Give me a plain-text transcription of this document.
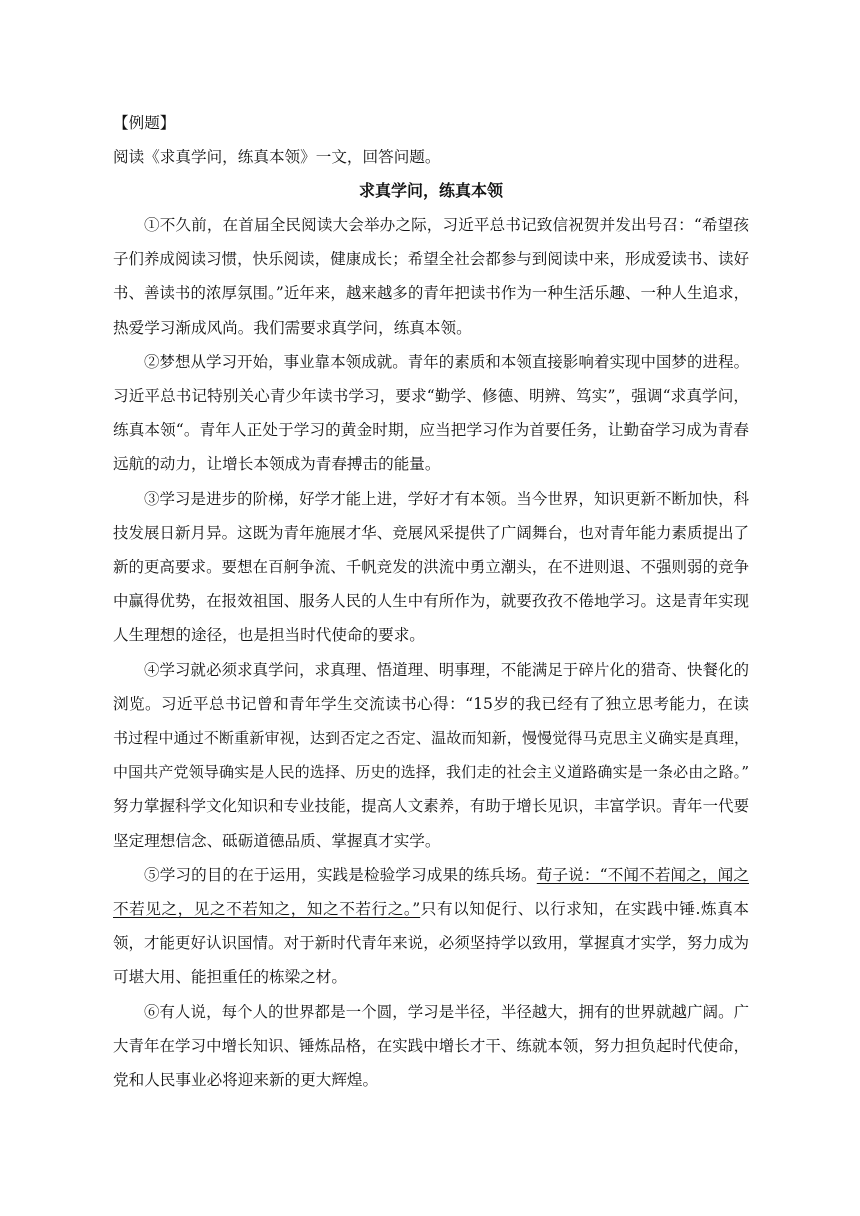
【例题】

阅读《求真学问，练真本领》一文，回答问题。

求真学问，练真本领

①不久前，在首届全民阅读大会举办之际，习近平总书记致信祝贺并发出号召：“希望孩

子们养成阅读习惯，快乐阅读，健康成长；希望全社会都参与到阅读中来，形成爱读书、读好

书、善读书的浓厚氛围。”近年来，越来越多的青年把读书作为一种生活乐趣、一种人生追求，

热爱学习渐成风尚。我们需要求真学问，练真本领。

②梦想从学习开始，事业靠本领成就。青年的素质和本领直接影响着实现中国梦的进程。

习近平总书记特别关心青少年读书学习，要求“勤学、修德、明辨、笃实”，强调“求真学问，

练真本领“。青年人正处于学习的黄金时期，应当把学习作为首要任务，让勤奋学习成为青春

远航的动力，让增长本领成为青春搏击的能量。

③学习是进步的阶梯，好学才能上进，学好才有本领。当今世界，知识更新不断加快，科

技发展日新月异。这既为青年施展才华、竞展风采提供了广阔舞台，也对青年能力素质提出了

新的更高要求。要想在百舸争流、千帆竞发的洪流中勇立潮头，在不进则退、不强则弱的竞争

中赢得优势，在报效祖国、服务人民的人生中有所作为，就要孜孜不倦地学习。这是青年实现

人生理想的途径，也是担当时代使命的要求。

④学习就必须求真学问，求真理、悟道理、明事理，不能满足于碎片化的猎奇、快餐化的

浏览。习近平总书记曾和青年学生交流读书心得：“15岁的我已经有了独立思考能力，在读

书过程中通过不断重新审视，达到否定之否定、温故而知新，慢慢觉得马克思主义确实是真理，

中国共产党领导确实是人民的选择、历史的选择，我们走的社会主义道路确实是一条必由之路。”

努力掌握科学文化知识和专业技能，提高人文素养，有助于增长见识，丰富学识。青年一代要

坚定理想信念、砥砺道德品质、掌握真才实学。

⑤学习的目的在于运用，实践是检验学习成果的练兵场。荀子说：“不闻不若闻之，闻之

不若见之，见之不若知之，知之不若行之。”只有以知促行、以行求知，在实践中锤.炼真本

领，才能更好认识国情。对于新时代青年来说，必须坚持学以致用，掌握真才实学，努力成为

可堪大用、能担重任的栋梁之材。

⑥有人说，每个人的世界都是一个圆，学习是半径，半径越大，拥有的世界就越广阔。广

大青年在学习中增长知识、锤炼品格，在实践中增长才干、练就本领，努力担负起时代使命，

党和人民事业必将迎来新的更大辉煌。
